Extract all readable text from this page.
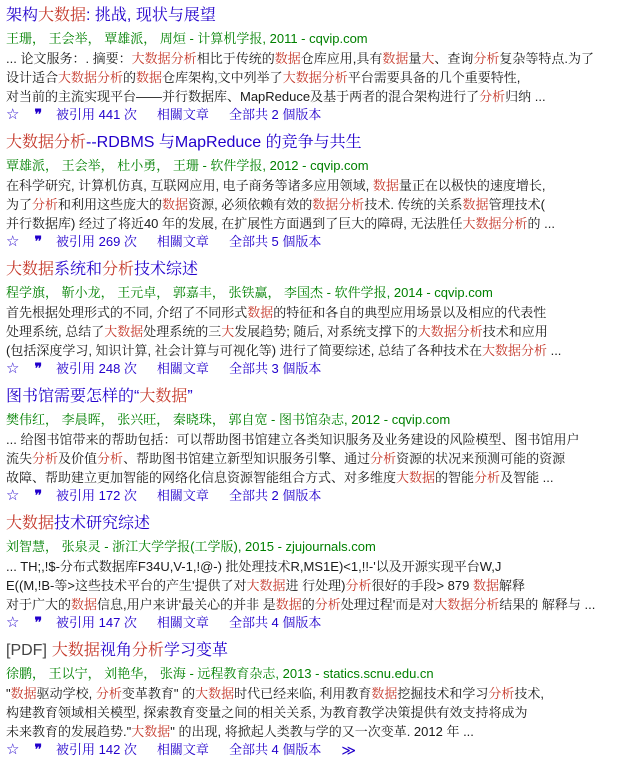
架构大数据: 挑战, 现状与展望
王珊， 王会举， 覃雄派， 周烜 - 计算机学报, 2011 - cqvip.com
... 论文服务：. 摘要：大数据分析相比于传统的数据仓库应用,具有数据量大、查询分析复杂等特点.为了
设计适合大数据分析的数据仓库架构,文中列举了大数据分析平台需要具备的几个重要特性,
对当前的主流实现平台——并行数据库、MapReduce及基于两者的混合架构进行了分析归纳 ...
☆ ❞ 被引用 441 次 相關文章 全部共 2 個版本
大数据分析--RDBMS 与MapReduce 的竞争与共生
覃雄派， 王会举， 杜小勇， 王珊 - 软件学报, 2012 - cqvip.com
在科学研究, 计算机仿真, 互联网应用, 电子商务等诸多应用领域, 数据量正在以极快的速度增长,
为了分析和利用这些庞大的数据资源, 必须依赖有效的数据分析技术. 传统的关系数据管理技术(
并行数据库) 经过了将近40 年的发展, 在扩展性方面遇到了巨大的障碍, 无法胜任大数据分析的 ...
☆ ❞ 被引用 269 次 相關文章 全部共 5 個版本
大数据系统和分析技术综述
程学旗， 靳小龙， 王元卓， 郭嘉丰， 张铁赢， 李国杰 - 软件学报, 2014 - cqvip.com
首先根据处理形式的不同, 介绍了不同形式数据的特征和各自的典型应用场景以及相应的代表性
处理系统, 总结了大数据处理系统的三大发展趋势; 随后, 对系统支撑下的大数据分析技术和应用
(包括深度学习, 知识计算, 社会计算与可视化等) 进行了简要综述, 总结了各种技术在大数据分析 ...
☆ ❞ 被引用 248 次 相關文章 全部共 3 個版本
图书馆需要怎样的“大数据”
樊伟红， 李晨晖， 张兴旺， 秦晓珠， 郭自宽 - 图书馆杂志, 2012 - cqvip.com
... 给图书馆带来的帮助包括：可以帮助图书馆建立各类知识服务及业务建设的风险模型、图书馆用户
流失分析及价值分析、帮助图书馆建立新型知识服务引擎、通过分析资源的状况来预测可能的资源
故障、帮助建立更加智能的网络化信息资源智能组合方式、对多维度大数据的智能分析及智能 ...
☆ ❞ 被引用 172 次 相關文章 全部共 2 個版本
大数据技术研究综述
刘智慧， 张泉灵 - 浙江大学学报(工学版), 2015 - zjujournals.com
... TH;,!$-分布式数据库F34U,V-1,!@-) 批处理技术R,MS1E)<1,!!-'以及开源实现平台W,J
E((M,!B-等>这些技术平台的产生'提供了对大数据进 行处理)分析很好的手段> 879 数据解释
对于广大的数据信息,用户来讲'最关心的并非 是数据的分析处理过程'而是对大数据分析结果的 解释与 ...
☆ ❞ 被引用 147 次 相關文章 全部共 4 個版本
[PDF] 大数据视角分析学习变革
徐鹏， 王以宁， 刘艳华， 张海 - 远程教育杂志, 2013 - statics.scnu.edu.cn
"数据驱动学校, 分析变革教育" 的大数据时代已经来临, 利用教育数据挖掘技术和学习分析技术,
构建教育领域相关模型, 探索教育变量之间的相关关系, 为教育教学决策提供有效支持将成为
未来教育的发展趋势."大数据" 的出现, 将掀起人类教与学的又一次变革. 2012 年 ...
☆ ❞ 被引用 142 次 相關文章 全部共 4 個版本 ≫
